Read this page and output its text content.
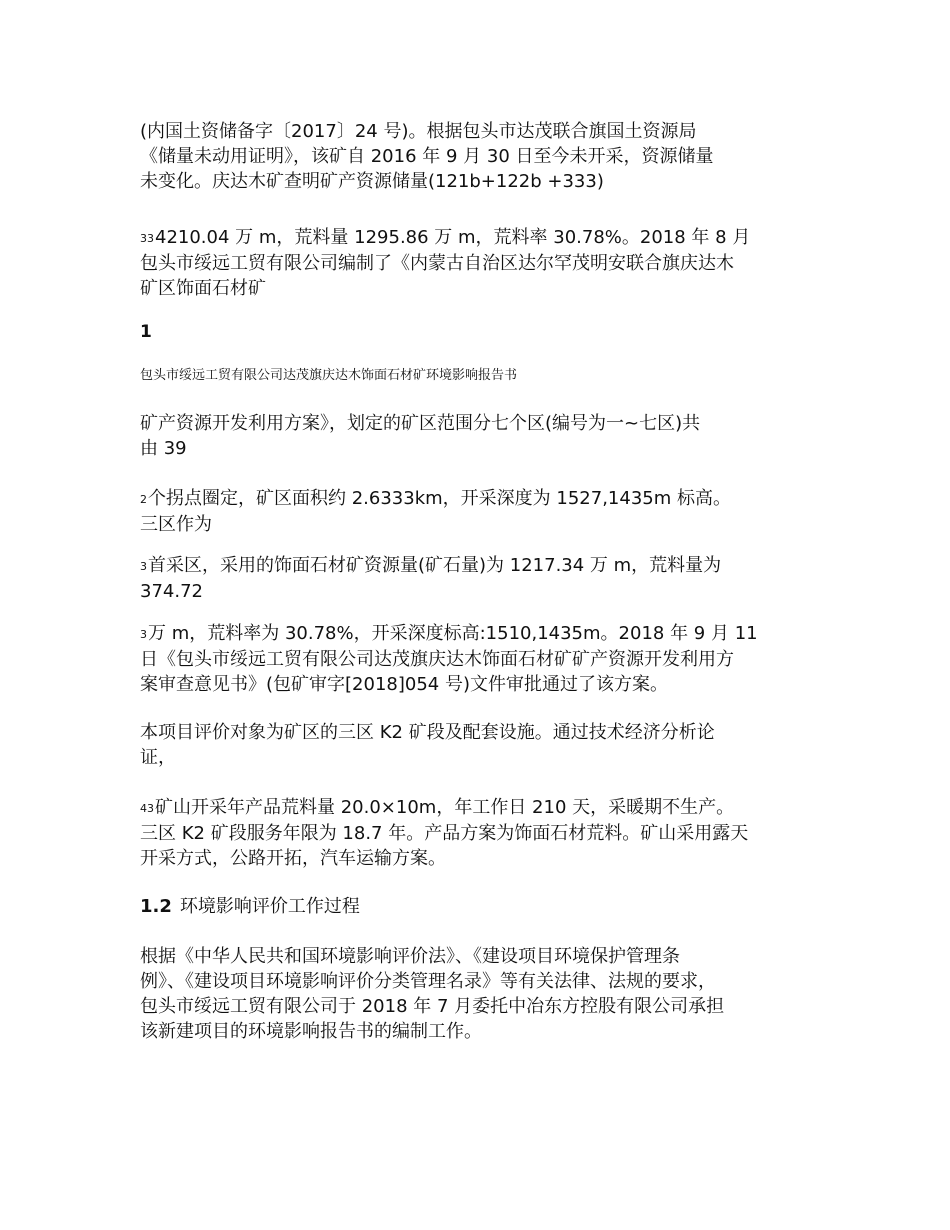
(内国土资储备字〔2017〕24 号)。根据包头市达茂联合旗国土资源局
《储量未动用证明》，该矿自 2016 年 9 月 30 日至今未开采，资源储量
未变化。庆达木矿查明矿产资源储量(121b+122b +333)

334210.04 万 m，荒料量 1295.86 万 m，荒料率 30.78%。2018 年 8 月
包头市绥远工贸有限公司编制了《内蒙古自治区达尔罕茂明安联合旗庆达木
矿区饰面石材矿

1
包头市绥远工贸有限公司达茂旗庆达木饰面石材矿环境影响报告书

矿产资源开发利用方案》，划定的矿区范围分七个区(编号为一~七区)共
由 39

2个拐点圈定，矿区面积约 2.6333km，开采深度为 1527,1435m 标高。
三区作为

3首采区，采用的饰面石材矿资源量(矿石量)为 1217.34 万 m，荒料量为
374.72

3万 m，荒料率为 30.78%，开采深度标高:1510,1435m。2018 年 9 月 11
日《包头市绥远工贸有限公司达茂旗庆达木饰面石材矿矿产资源开发利用方
案审查意见书》(包矿审字[2018]054 号)文件审批通过了该方案。

本项目评价对象为矿区的三区 K2 矿段及配套设施。通过技术经济分析论
证，

43矿山开采年产品荒料量 20.0×10m，年工作日 210 天，采暖期不生产。
三区 K2 矿段服务年限为 18.7 年。产品方案为饰面石材荒料。矿山采用露天
开采方式，公路开拓，汽车运输方案。

1.2 环境影响评价工作过程

根据《中华人民共和国环境影响评价法》、《建设项目环境保护管理条
例》、《建设项目环境影响评价分类管理名录》等有关法律、法规的要求，
包头市绥远工贸有限公司于 2018 年 7 月委托中冶东方控股有限公司承担
该新建项目的环境影响报告书的编制工作。
